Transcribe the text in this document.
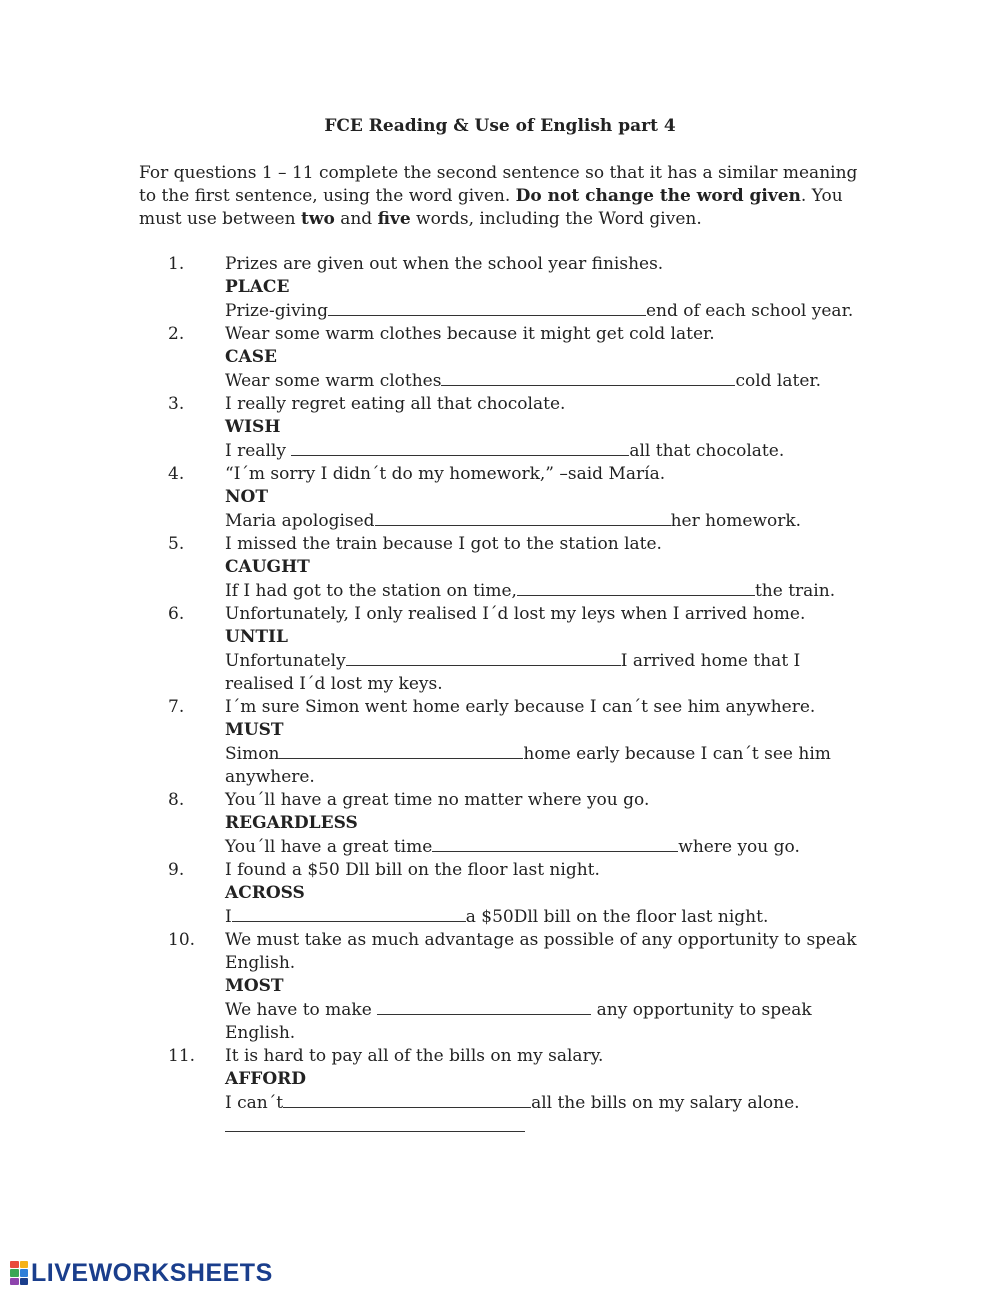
FCE Reading & Use of English part 4
For questions 1 – 11 complete the second sentence so that it has a similar meaning to the first sentence, using the word given. Do not change the word given. You must use between two and five words, including the Word given.
1.	Prizes are given out when the school year finishes.
PLACE
Prize-giving	end of each school year.
2.	Wear some warm clothes because it might get cold later.
CASE
Wear some warm clothes	cold later.
3.	I really regret eating all that chocolate.
WISH
I really	all that chocolate.
4.	“I´m sorry I didn´t do my homework,” –said María.
NOT
Maria apologised	her homework.
5.	I missed the train because I got to the station late.
CAUGHT
If I had got to the station on time,	the train.
6.	Unfortunately, I only realised I´d lost my leys when I arrived home.
UNTIL
Unfortunately	I arrived home that I realised I´d lost my keys.
7.	I´m sure Simon went home early because I can´t see him anywhere.
MUST
Simon	home early because I can´t see him anywhere.
8.	You´ll have a great time no matter where you go.
REGARDLESS
You´ll have a great time	where you go.
9.	I found a $50 Dll bill on the floor last night.
ACROSS
I	a $50Dll bill on the floor last night.
10.	We must take as much advantage as possible of any opportunity to speak English.
MOST
We have to make	any opportunity to speak English.
11.	It is hard to pay all of the bills on my salary.
AFFORD
I can´t	all the bills on my salary alone.
LIVEWORKSHEETS
